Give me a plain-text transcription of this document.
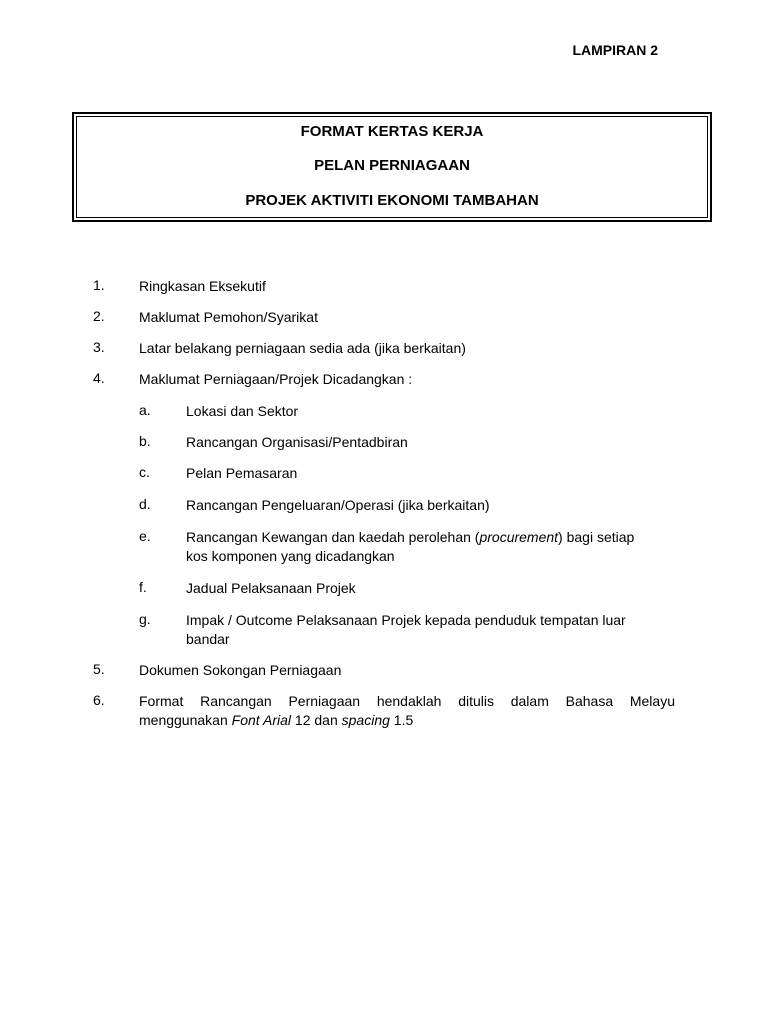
LAMPIRAN 2
FORMAT KERTAS KERJA
PELAN PERNIAGAAN
PROJEK AKTIVITI EKONOMI TAMBAHAN
1. Ringkasan Eksekutif
2. Maklumat Pemohon/Syarikat
3. Latar belakang perniagaan sedia ada (jika berkaitan)
4. Maklumat Perniagaan/Projek Dicadangkan :
a.	Lokasi dan Sektor
b.	Rancangan Organisasi/Pentadbiran
c.	Pelan Pemasaran
d.	Rancangan Pengeluaran/Operasi (jika berkaitan)
e.	Rancangan Kewangan dan kaedah perolehan (procurement) bagi setiap kos komponen yang dicadangkan
f.	Jadual Pelaksanaan Projek
g.	Impak / Outcome Pelaksanaan Projek kepada penduduk tempatan luar bandar
5. Dokumen Sokongan Perniagaan
6. Format Rancangan Perniagaan hendaklah ditulis dalam Bahasa Melayu menggunakan Font Arial 12 dan spacing 1.5
